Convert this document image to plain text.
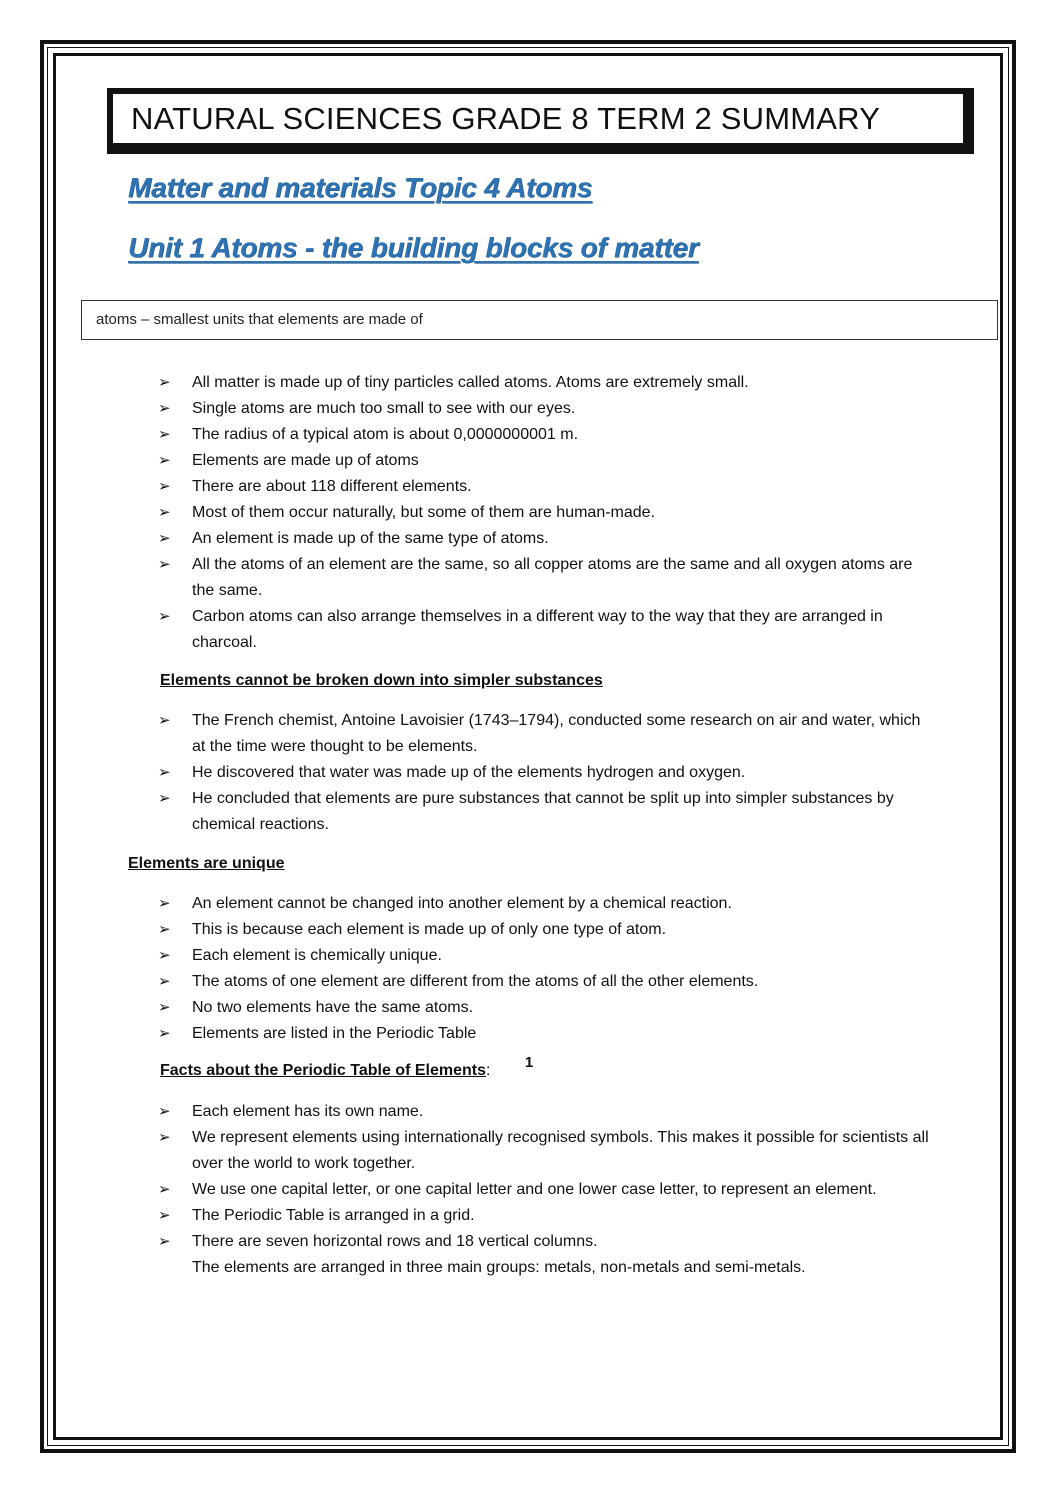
NATURAL SCIENCES GRADE 8 TERM 2 SUMMARY
Matter and materials Topic 4 Atoms
Unit 1 Atoms - the building blocks of matter
atoms – smallest units that elements are made of
➢ All matter is made up of tiny particles called atoms. Atoms are extremely small.
➢ Single atoms are much too small to see with our eyes.
➢ The radius of a typical atom is about 0,0000000001 m.
➢ Elements are made up of atoms
➢ There are about 118 different elements.
➢ Most of them occur naturally, but some of them are human-made.
➢ An element is made up of the same type of atoms.
➢ All the atoms of an element are the same, so all copper atoms are the same and all oxygen atoms are the same.
➢ Carbon atoms can also arrange themselves in a different way to the way that they are arranged in charcoal.
Elements cannot be broken down into simpler substances
➢ The French chemist, Antoine Lavoisier (1743–1794), conducted some research on air and water, which at the time were thought to be elements.
➢ He discovered that water was made up of the elements hydrogen and oxygen.
➢ He concluded that elements are pure substances that cannot be split up into simpler substances by chemical reactions.
Elements are unique
➢ An element cannot be changed into another element by a chemical reaction.
➢ This is because each element is made up of only one type of atom.
➢ Each element is chemically unique.
➢ The atoms of one element are different from the atoms of all the other elements.
➢ No two elements have the same atoms.
➢ Elements are listed in the Periodic Table
Facts about the Periodic Table of Elements:
➢ Each element has its own name.
➢ We represent elements using internationally recognised symbols. This makes it possible for scientists all over the world to work together.
➢ We use one capital letter, or one capital letter and one lower case letter, to represent an element.
➢ The Periodic Table is arranged in a grid.
➢ There are seven horizontal rows and 18 vertical columns.
The elements are arranged in three main groups: metals, non-metals and semi-metals.
1
